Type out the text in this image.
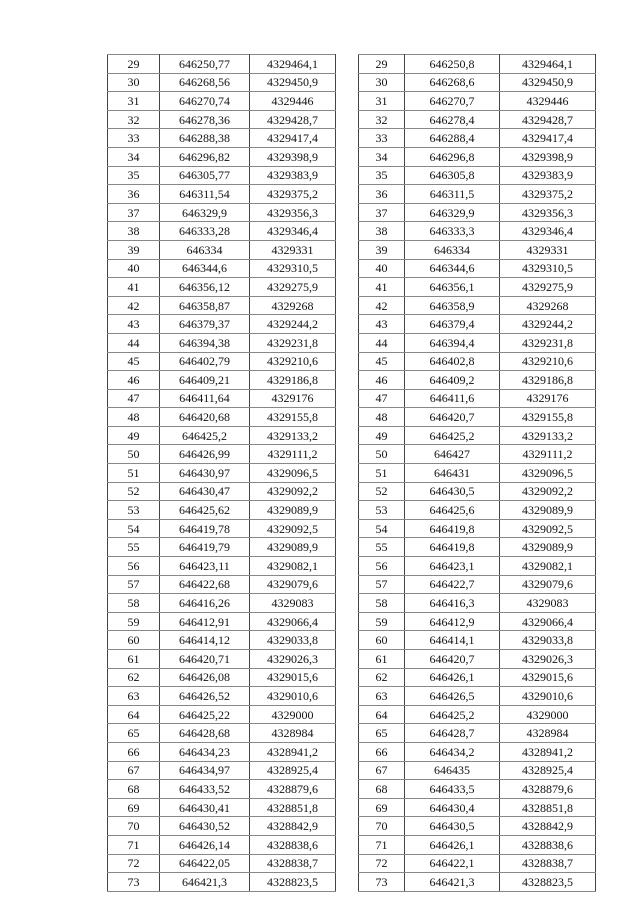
29	646250,77	4329464,1
30	646268,56	4329450,9
31	646270,74	4329446
32	646278,36	4329428,7
33	646288,38	4329417,4
34	646296,82	4329398,9
35	646305,77	4329383,9
36	646311,54	4329375,2
37	646329,9	4329356,3
38	646333,28	4329346,4
39	646334	4329331
40	646344,6	4329310,5
41	646356,12	4329275,9
42	646358,87	4329268
43	646379,37	4329244,2
44	646394,38	4329231,8
45	646402,79	4329210,6
46	646409,21	4329186,8
47	646411,64	4329176
48	646420,68	4329155,8
49	646425,2	4329133,2
50	646426,99	4329111,2
51	646430,97	4329096,5
52	646430,47	4329092,2
53	646425,62	4329089,9
54	646419,78	4329092,5
55	646419,79	4329089,9
56	646423,11	4329082,1
57	646422,68	4329079,6
58	646416,26	4329083
59	646412,91	4329066,4
60	646414,12	4329033,8
61	646420,71	4329026,3
62	646426,08	4329015,6
63	646426,52	4329010,6
64	646425,22	4329000
65	646428,68	4328984
66	646434,23	4328941,2
67	646434,97	4328925,4
68	646433,52	4328879,6
69	646430,41	4328851,8
70	646430,52	4328842,9
71	646426,14	4328838,6
72	646422,05	4328838,7
73	646421,3	4328823,5
29	646250,8	4329464,1
30	646268,6	4329450,9
31	646270,7	4329446
32	646278,4	4329428,7
33	646288,4	4329417,4
34	646296,8	4329398,9
35	646305,8	4329383,9
36	646311,5	4329375,2
37	646329,9	4329356,3
38	646333,3	4329346,4
39	646334	4329331
40	646344,6	4329310,5
41	646356,1	4329275,9
42	646358,9	4329268
43	646379,4	4329244,2
44	646394,4	4329231,8
45	646402,8	4329210,6
46	646409,2	4329186,8
47	646411,6	4329176
48	646420,7	4329155,8
49	646425,2	4329133,2
50	646427	4329111,2
51	646431	4329096,5
52	646430,5	4329092,2
53	646425,6	4329089,9
54	646419,8	4329092,5
55	646419,8	4329089,9
56	646423,1	4329082,1
57	646422,7	4329079,6
58	646416,3	4329083
59	646412,9	4329066,4
60	646414,1	4329033,8
61	646420,7	4329026,3
62	646426,1	4329015,6
63	646426,5	4329010,6
64	646425,2	4329000
65	646428,7	4328984
66	646434,2	4328941,2
67	646435	4328925,4
68	646433,5	4328879,6
69	646430,4	4328851,8
70	646430,5	4328842,9
71	646426,1	4328838,6
72	646422,1	4328838,7
73	646421,3	4328823,5
